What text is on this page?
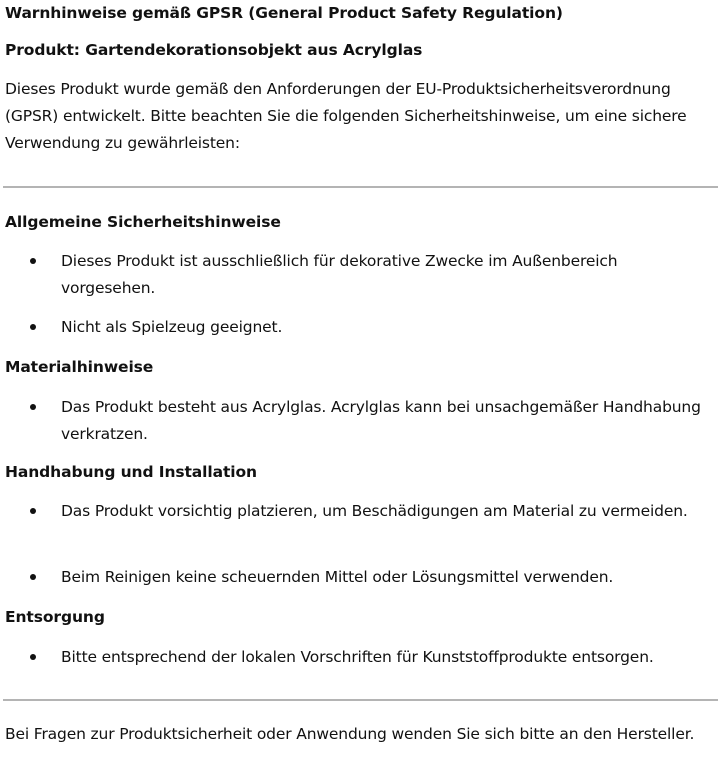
Warnhinweise gemäß GPSR (General Product Safety Regulation)
Produkt: Gartendekorationsobjekt aus Acrylglas
Dieses Produkt wurde gemäß den Anforderungen der EU-Produktsicherheitsverordnung (GPSR) entwickelt. Bitte beachten Sie die folgenden Sicherheitshinweise, um eine sichere Verwendung zu gewährleisten:
Allgemeine Sicherheitshinweise
Dieses Produkt ist ausschließlich für dekorative Zwecke im Außenbereich vorgesehen.
Nicht als Spielzeug geeignet.
Materialhinweise
Das Produkt besteht aus Acrylglas. Acrylglas kann bei unsachgemäßer Handhabung verkratzen.
Handhabung und Installation
Das Produkt vorsichtig platzieren, um Beschädigungen am Material zu vermeiden.
Beim Reinigen keine scheuernden Mittel oder Lösungsmittel verwenden.
Entsorgung
Bitte entsprechend der lokalen Vorschriften für Kunststoffprodukte entsorgen.
Bei Fragen zur Produktsicherheit oder Anwendung wenden Sie sich bitte an den Hersteller.
